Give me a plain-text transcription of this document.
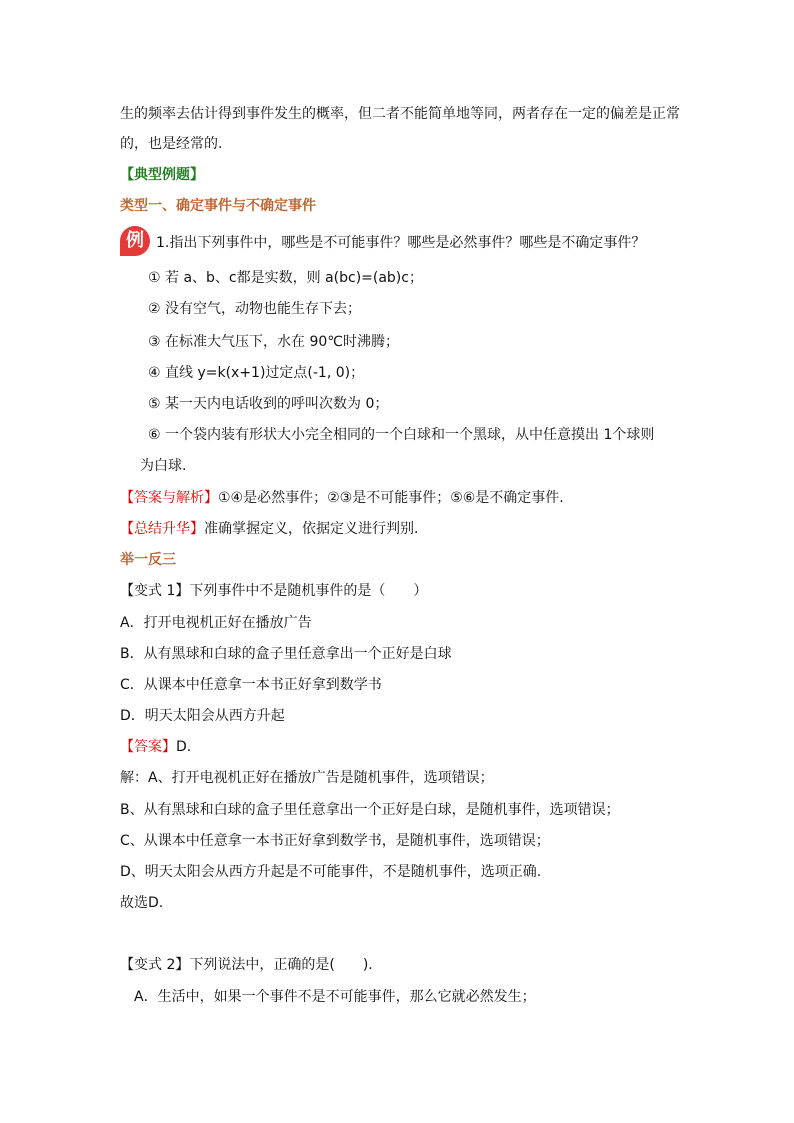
生的频率去估计得到事件发生的概率，但二者不能简单地等同，两者存在一定的偏差是正常
的，也是经常的.
【典型例题】
类型一、确定事件与不确定事件
例 1.指出下列事件中，哪些是不可能事件？哪些是必然事件？哪些是不确定事件？
① 若 a、b、c都是实数，则 a(bc)=(ab)c；
② 没有空气，动物也能生存下去；
③ 在标准大气压下，水在 90℃时沸腾；
④ 直线 y=k(x+1)过定点(-1, 0)；
⑤ 某一天内电话收到的呼叫次数为 0；
⑥ 一个袋内装有形状大小完全相同的一个白球和一个黑球，从中任意摸出 1个球则
为白球.
【答案与解析】①④是必然事件；②③是不可能事件；⑤⑥是不确定事件.
【总结升华】准确掌握定义，依据定义进行判别.
举一反三
【变式 1】下列事件中不是随机事件的是（　　）
A．打开电视机正好在播放广告
B．从有黑球和白球的盒子里任意拿出一个正好是白球
C．从课本中任意拿一本书正好拿到数学书
D．明天太阳会从西方升起
【答案】D.
解：A、打开电视机正好在播放广告是随机事件，选项错误；
B、从有黑球和白球的盒子里任意拿出一个正好是白球，是随机事件，选项错误；
C、从课本中任意拿一本书正好拿到数学书，是随机事件，选项错误；
D、明天太阳会从西方升起是不可能事件，不是随机事件，选项正确.
故选D.
【变式 2】下列说法中，正确的是(　　).
A．生活中，如果一个事件不是不可能事件，那么它就必然发生；
